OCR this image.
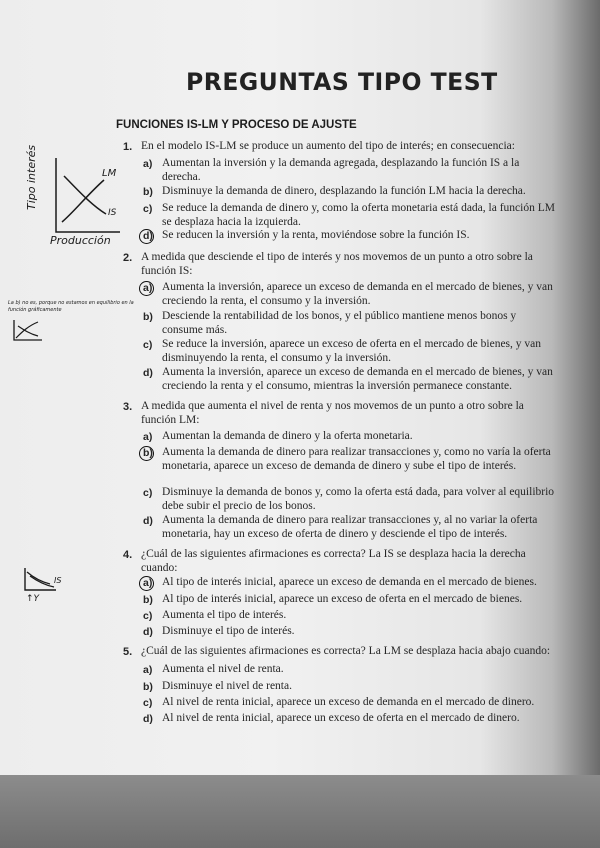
PREGUNTAS TIPO TEST
FUNCIONES IS-LM Y PROCESO DE AJUSTE
1. En el modelo IS-LM se produce un aumento del tipo de interés; en consecuencia:
a) Aumentan la inversión y la demanda agregada, desplazando la función IS a la derecha.
b) Disminuye la demanda de dinero, desplazando la función LM hacia la derecha.
c) Se reduce la demanda de dinero y, como la oferta monetaria está dada, la función LM se desplaza hacia la izquierda.
d) Se reducen la inversión y la renta, moviéndose sobre la función IS.
2. A medida que desciende el tipo de interés y nos movemos de un punto a otro sobre la función IS:
a) Aumenta la inversión, aparece un exceso de demanda en el mercado de bienes, y van creciendo la renta, el consumo y la inversión.
b) Desciende la rentabilidad de los bonos, y el público mantiene menos bonos y consume más.
c) Se reduce la inversión, aparece un exceso de oferta en el mercado de bienes, y van disminuyendo la renta, el consumo y la inversión.
d) Aumenta la inversión, aparece un exceso de demanda en el mercado de bienes, y van creciendo la renta y el consumo, mientras la inversión permanece constante.
3. A medida que aumenta el nivel de renta y nos movemos de un punto a otro sobre la función LM:
a) Aumentan la demanda de dinero y la oferta monetaria.
b) Aumenta la demanda de dinero para realizar transacciones y, como no varía la oferta monetaria, aparece un exceso de demanda de dinero y sube el tipo de interés.
c) Disminuye la demanda de bonos y, como la oferta está dada, para volver al equilibrio debe subir el precio de los bonos.
d) Aumenta la demanda de dinero para realizar transacciones y, al no variar la oferta monetaria, hay un exceso de oferta de dinero y desciende el tipo de interés.
4. ¿Cuál de las siguientes afirmaciones es correcta? La IS se desplaza hacia la derecha cuando:
a) Al tipo de interés inicial, aparece un exceso de demanda en el mercado de bienes.
b) Al tipo de interés inicial, aparece un exceso de oferta en el mercado de bienes.
c) Aumenta el tipo de interés.
d) Disminuye el tipo de interés.
5. ¿Cuál de las siguientes afirmaciones es correcta? La LM se desplaza hacia abajo cuando:
a) Aumenta el nivel de renta.
b) Disminuye el nivel de renta.
c) Al nivel de renta inicial, aparece un exceso de demanda en el mercado de dinero.
d) Al nivel de renta inicial, aparece un exceso de oferta en el mercado de dinero.
Tipo interés	LM
IS
Producción
La b) no es, porque no estamos en equilibrio en la función gráficamente
IS
↑Y
